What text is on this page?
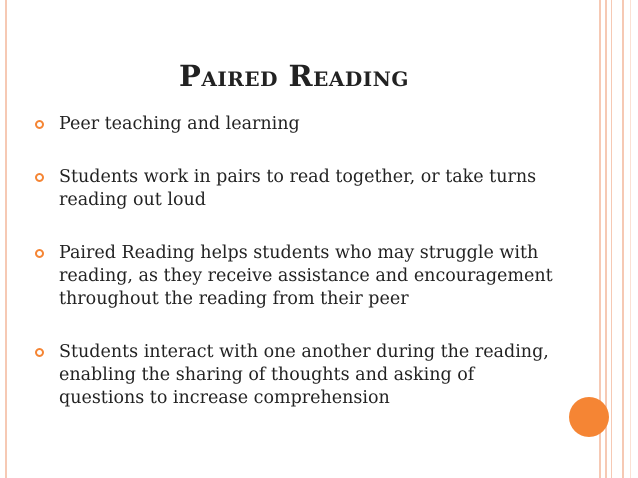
Paired Reading
Peer teaching and learning
Students work in pairs to read together, or take turns reading out loud
Paired Reading helps students who may struggle with reading, as they receive assistance and encouragement throughout the reading from their peer
Students interact with one another during the reading, enabling the sharing of thoughts and asking of questions to increase comprehension
